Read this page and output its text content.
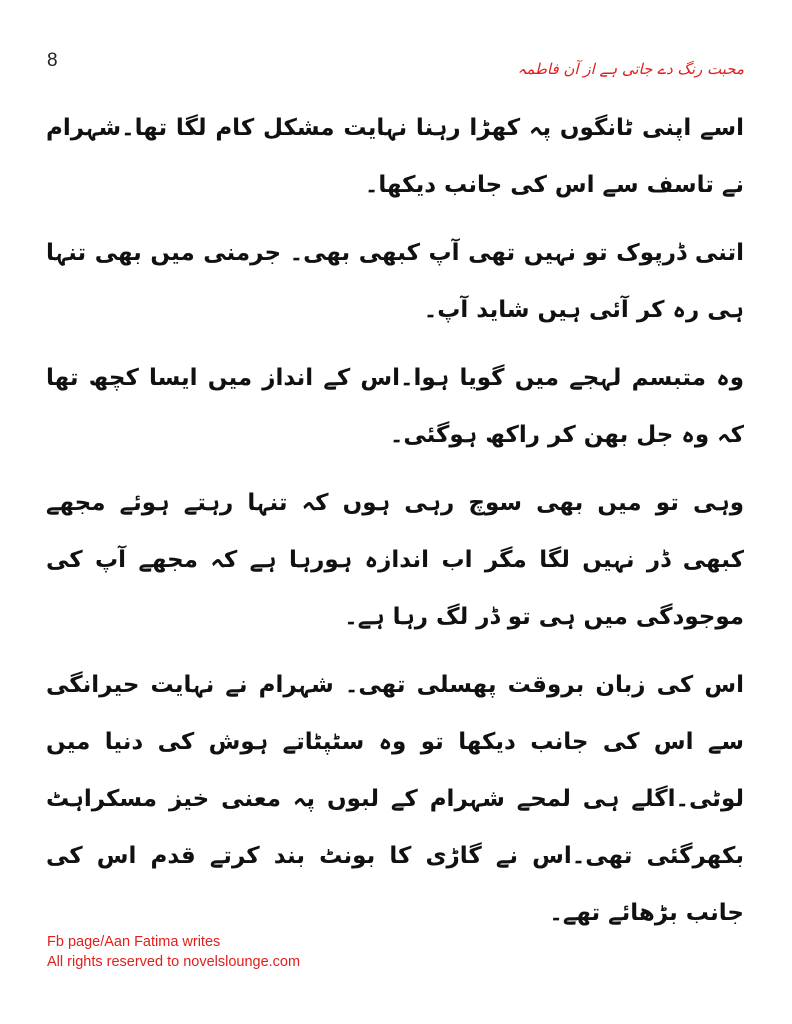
8	محبت رنگ دے جاتی ہے از آن فاطمہ

اسے اپنی ٹانگوں پہ کھڑا رہنا نہایت مشکل کام لگا تھا۔شہرام نے تاسف سے اس کی جانب دیکھا۔

اتنی ڈرپوک تو نہیں تھی آپ کبھی بھی۔ جرمنی میں بھی تنہا ہی رہ کر آئی ہیں شاید آپ۔

وہ متبسم لہجے میں گویا ہوا۔اس کے انداز میں ایسا کچھ تھا کہ وہ جل بھن کر راکھ ہوگئی۔

وہی تو میں بھی سوچ رہی ہوں کہ تنہا رہتے ہوئے مجھے کبھی ڈر نہیں لگا مگر اب اندازہ ہورہا ہے کہ مجھے آپ کی موجودگی میں ہی تو ڈر لگ رہا ہے۔

اس کی زبان بروقت پھسلی تھی۔ شہرام نے نہایت حیرانگی سے اس کی جانب دیکھا تو وہ سٹپٹاتے ہوش کی دنیا میں لوٹی۔اگلے ہی لمحے شہرام کے لبوں پہ معنی خیز مسکراہٹ بکھرگئی تھی۔اس نے گاڑی کا بونٹ بند کرتے قدم اس کی جانب بڑھائے تھے۔

Fb page/Aan Fatima writes
All rights reserved to novelslounge.com
